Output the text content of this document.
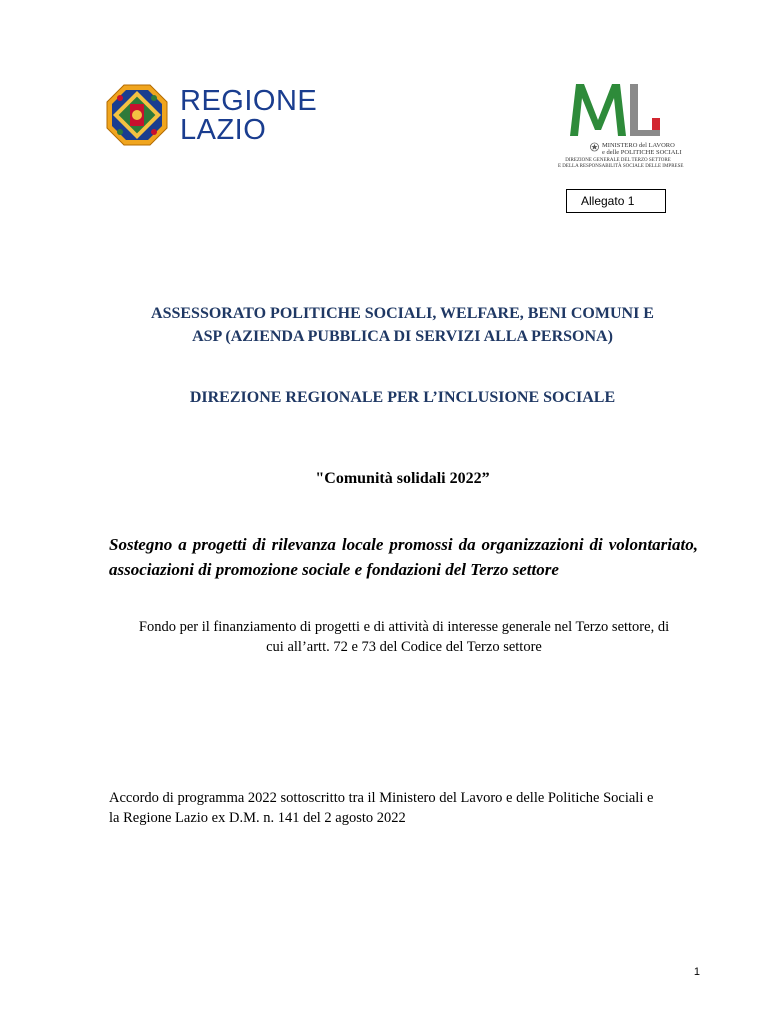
REGIONE
LAZIO	MINISTERO del LAVORO
e delle POLITICHE SOCIALI
DIREZIONE GENERALE DEL TERZO SETTORE
E DELLA RESPONSABILITÀ SOCIALE DELLE IMPRESE
Allegato 1
ASSESSORATO POLITICHE SOCIALI, WELFARE, BENI COMUNI E
ASP (AZIENDA PUBBLICA DI SERVIZI ALLA PERSONA)
DIREZIONE REGIONALE PER L’INCLUSIONE SOCIALE
"Comunità solidali 2022”
Sostegno a progetti di rilevanza locale promossi da organizzazioni di volontariato, associazioni di promozione sociale e fondazioni del Terzo settore
Fondo per il finanziamento di progetti e di attività di interesse generale nel Terzo settore, di
cui all’artt. 72 e 73 del Codice del Terzo settore
Accordo di programma 2022 sottoscritto tra il Ministero del Lavoro e delle Politiche Sociali e
la Regione Lazio ex D.M. n. 141 del 2 agosto 2022
1
